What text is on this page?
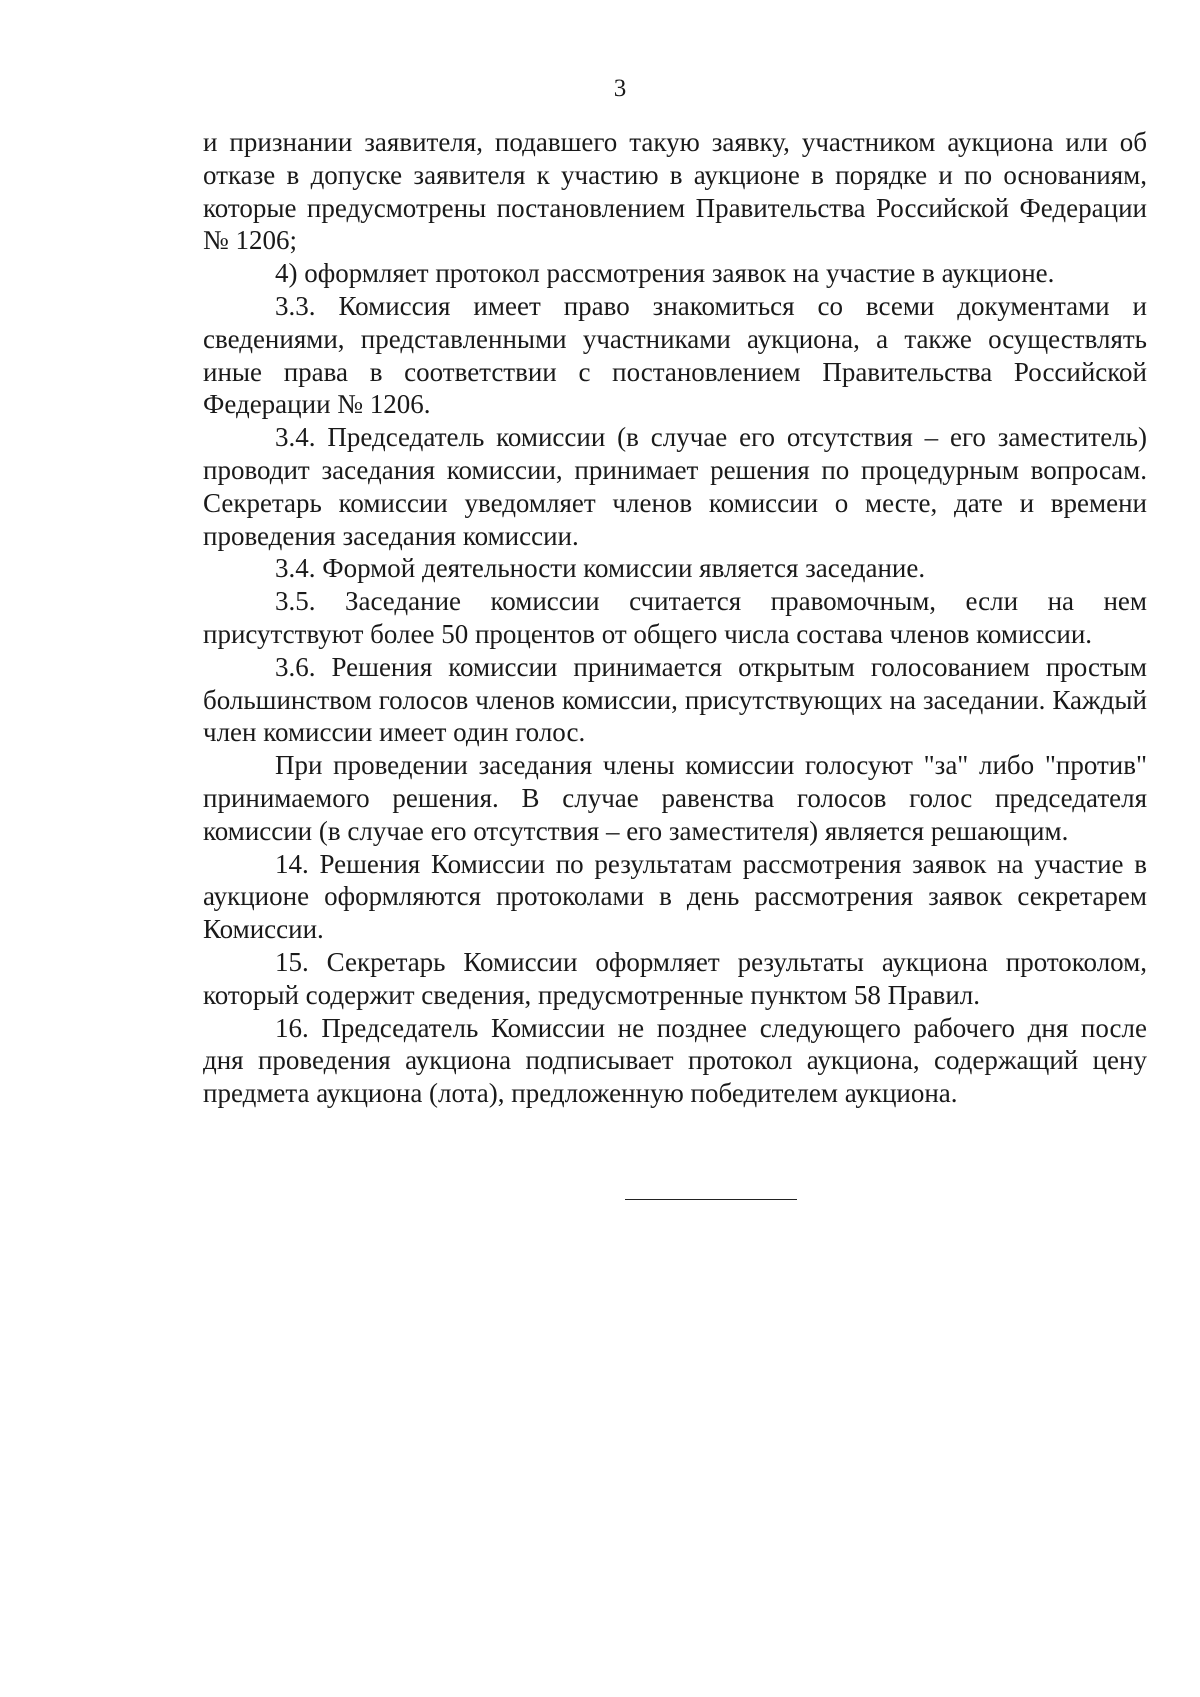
3

и признании заявителя, подавшего такую заявку, участником аукциона или об отказе в допуске заявителя к участию в аукционе в порядке и по основаниям, которые предусмотрены постановлением Правительства Российской Федерации № 1206;

4) оформляет протокол рассмотрения заявок на участие в аукционе.

3.3. Комиссия имеет право знакомиться со всеми документами и сведениями, представленными участниками аукциона, а также осуществлять иные права в соответствии с постановлением Правительства Российской Федерации № 1206.

3.4. Председатель комиссии (в случае его отсутствия – его заместитель) проводит заседания комиссии, принимает решения по процедурным вопросам. Секретарь комиссии уведомляет членов комиссии о месте, дате и времени проведения заседания комиссии.

3.4. Формой деятельности комиссии является заседание.

3.5. Заседание комиссии считается правомочным, если на нем присутствуют более 50 процентов от общего числа состава членов комиссии.

3.6. Решения комиссии принимается открытым голосованием простым большинством голосов членов комиссии, присутствующих на заседании. Каждый член комиссии имеет один голос.

При проведении заседания члены комиссии голосуют "за" либо "против" принимаемого решения. В случае равенства голосов голос председателя комиссии (в случае его отсутствия – его заместителя) является решающим.

14. Решения Комиссии по результатам рассмотрения заявок на участие в аукционе оформляются протоколами в день рассмотрения заявок секретарем Комиссии.

15. Секретарь Комиссии оформляет результаты аукциона протоколом, который содержит сведения, предусмотренные пунктом 58 Правил.

16. Председатель Комиссии не позднее следующего рабочего дня после дня проведения аукциона подписывает протокол аукциона, содержащий цену предмета аукциона (лота), предложенную победителем аукциона.
